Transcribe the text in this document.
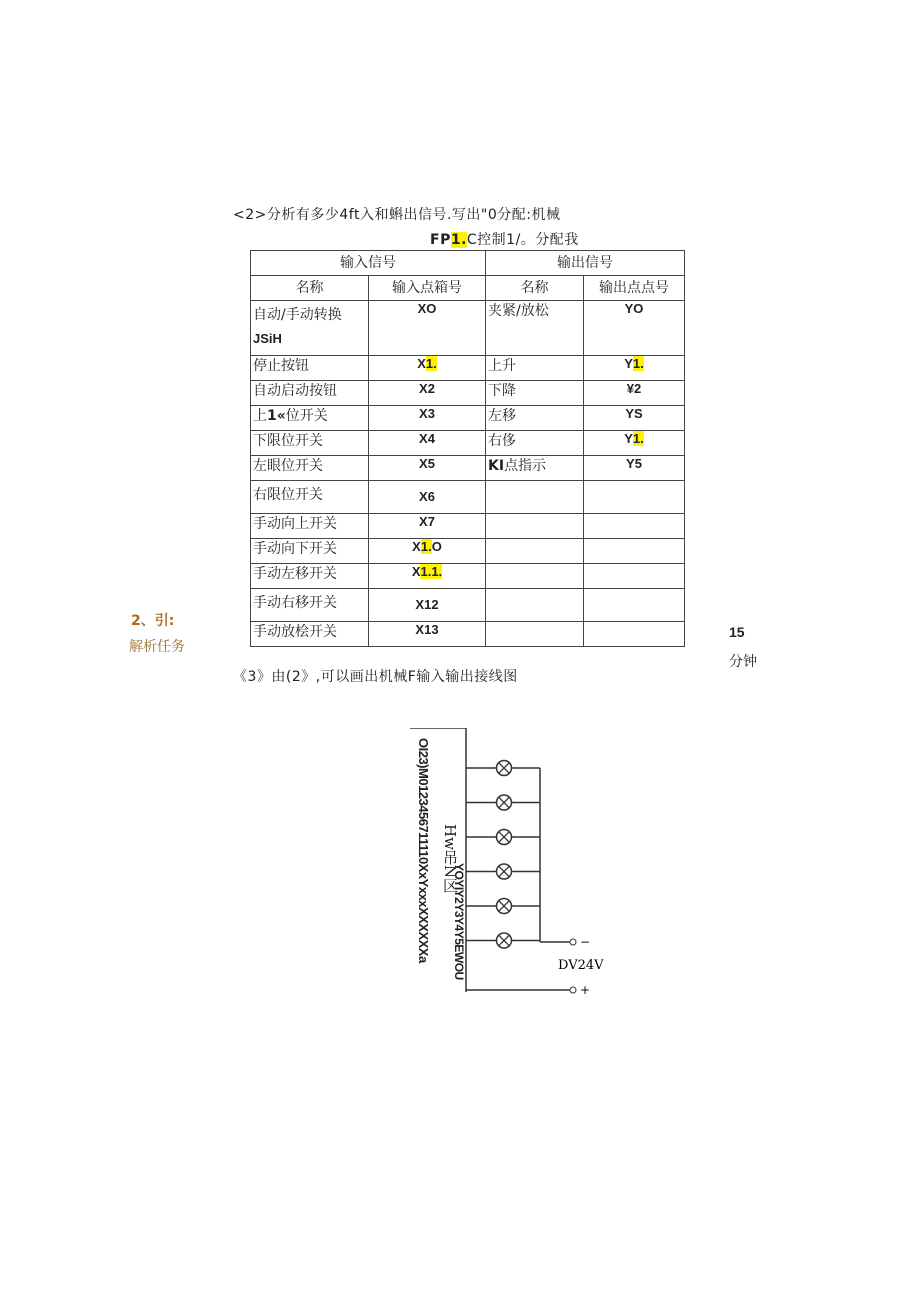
<2>分析有多少4ft入和蝌出信号.写出"0分配:机械
FP1.C控制1/。分配我
输入信号		输出信号	
名称	输入点箱号	名称	输出点点号

自动/手动转换
JSiH	XO	夹紧/放松	YO
停止按钮	X1.	上升	Y1.
自动启动按钮	X2	下降	¥2
上1«位开关	X3	左移	YS
下限位开关	X4	右侈	Y1.
左眼位开关	X5	KI点指示	Y5
右限位开关	X6		
手动向上开关	X7		
手动向下开关	X1.O		
手动左移开关	X1.1.		
手动右移开关	X12		
手动放桧开关	X13		
2、引:
解析任务
15
分钟
《3》由(2》,可以画出机械F输入输出接线图
−
+
DV24V
OI23)M0123456711110XxYxxxXXXXXXa Hw吊N区
YOYIY2Y3Y4Y5EWOU
